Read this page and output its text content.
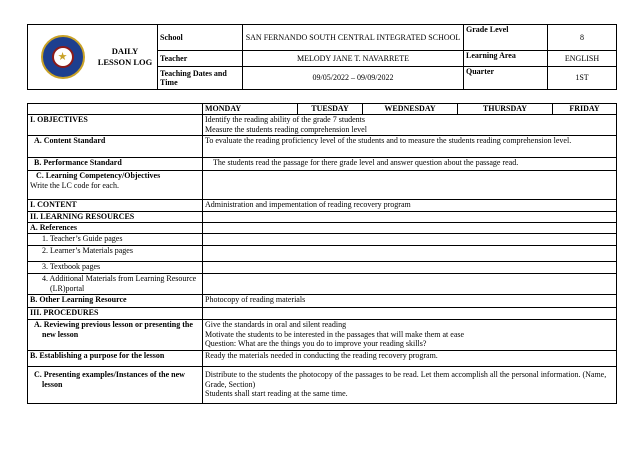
★ DAILY LESSON LOG	School	SAN FERNANDO SOUTH CENTRAL INTEGRATED SCHOOL	Grade Level	8
	Teacher	MELODY JANE T. NAVARRETE	Learning Area	ENGLISH
	Teaching Dates and Time	09/05/2022 – 09/09/2022	Quarter	1ST
	MONDAY	TUESDAY	WEDNESDAY	THURSDAY	FRIDAY
I. OBJECTIVES	Identify the reading ability of the grade 7 students

Measure the students reading comprehension level				

A. Content Standard	To evaluate the reading proficiency level of the students and to measure the students reading comprehension level.				
B. Performance Standard	The students read the passage for there grade level and answer question about the passage read.				

C. Learning Competency/Objectives

Write the LC code for each.					

I. CONTENT	Administration and impementation of reading recovery program				
II. LEARNING RESOURCES					
A. References					
1. Teacher’s Guide pages					
2. Learner’s Materials pages					
3. Textbook pages					
4. Additional Materials from Learning Resource (LR)portal					
B. Other Learning Resource	Photocopy of reading materials				
III. PROCEDURES					
A. Reviewing previous lesson or presenting the new lesson	Give the standards in oral and silent reading

Motivate the students to be interested in the passages that will make them at ease

Question: What are the things you do to improve your reading skills?				

B. Establishing a purpose for the lesson	Ready the materials needed in conducting the reading recovery program.				
C. Presenting examples/Instances of the new lesson	Distribute to the students the photocopy of the passages to be read. Let them accomplish all the personal information. (Name, Grade, Section)

Students shall start reading at the same time.				
